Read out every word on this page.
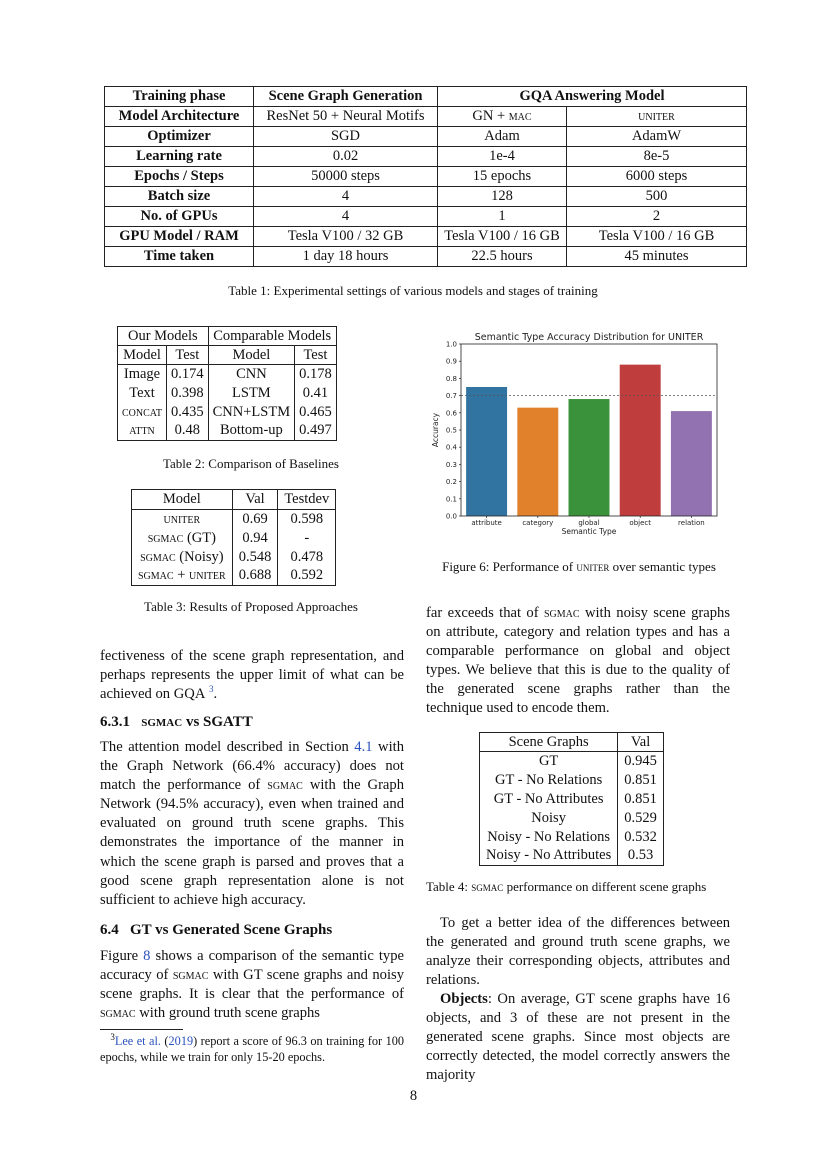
Training phase	Scene Graph Generation	GQA Answering Model	
Model Architecture	ResNet 50 + Neural Motifs	GN + mac	uniter
Optimizer	SGD	Adam	AdamW
Learning rate	0.02	1e-4	8e-5
Epochs / Steps	50000 steps	15 epochs	6000 steps
Batch size	4	128	500
No. of GPUs	4	1	2
GPU Model / RAM	Tesla V100 / 32 GB	Tesla V100 / 16 GB	Tesla V100 / 16 GB
Time taken	1 day 18 hours	22.5 hours	45 minutes
Table 1: Experimental settings of various models and stages of training
Our Models		Comparable Models	
Model	Test	Model	Test
Image	0.174	CNN	0.178
Text	0.398	LSTM	0.41
concat	0.435	CNN+LSTM	0.465
attn	0.48	Bottom-up	0.497
Table 2: Comparison of Baselines
Model	Val	Testdev
uniter	0.69	0.598
sgmac (GT)	0.94	-
sgmac (Noisy)	0.548	0.478
sgmac + uniter	0.688	0.592
Table 3: Results of Proposed Approaches
Semantic Type Accuracy Distribution for UNITER
attribute	category	global	object	relation
0.0
0.1
0.2
0.3
0.4
0.5
0.6
0.7
0.8
0.9
1.0
Semantic Type
Accuracy
Figure 6: Performance of uniter over semantic types
fectiveness of the scene graph representation, and perhaps represents the upper limit of what can be achieved on GQA $^3$.
6.3.1   sgmac vs SGATT
The attention model described in Section 4.1 with the Graph Network (66.4% accuracy) does not match the performance of sgmac with the Graph Network (94.5% accuracy), even when trained and evaluated on ground truth scene graphs. This demonstrates the importance of the manner in which the scene graph is parsed and proves that a good scene graph representation alone is not sufficient to achieve high accuracy.
6.4   GT vs Generated Scene Graphs
Figure 8 shows a comparison of the semantic type accuracy of sgmac with GT scene graphs and noisy scene graphs. It is clear that the performance of sgmac with ground truth scene graphs
$^3$Lee et al. (2019) report a score of 96.3 on training for 100 epochs, while we train for only 15-20 epochs.
far exceeds that of sgmac with noisy scene graphs on attribute, category and relation types and has a comparable performance on global and object types. We believe that this is due to the quality of the generated scene graphs rather than the technique used to encode them.
Scene Graphs	Val
GT	0.945
GT - No Relations	0.851
GT - No Attributes	0.851
Noisy	0.529
Noisy - No Relations	0.532
Noisy - No Attributes	0.53
Table 4: sgmac performance on different scene graphs
To get a better idea of the differences between the generated and ground truth scene graphs, we analyze their corresponding objects, attributes and relations.
Objects: On average, GT scene graphs have 16 objects, and 3 of these are not present in the generated scene graphs. Since most objects are correctly detected, the model correctly answers the majority
8
